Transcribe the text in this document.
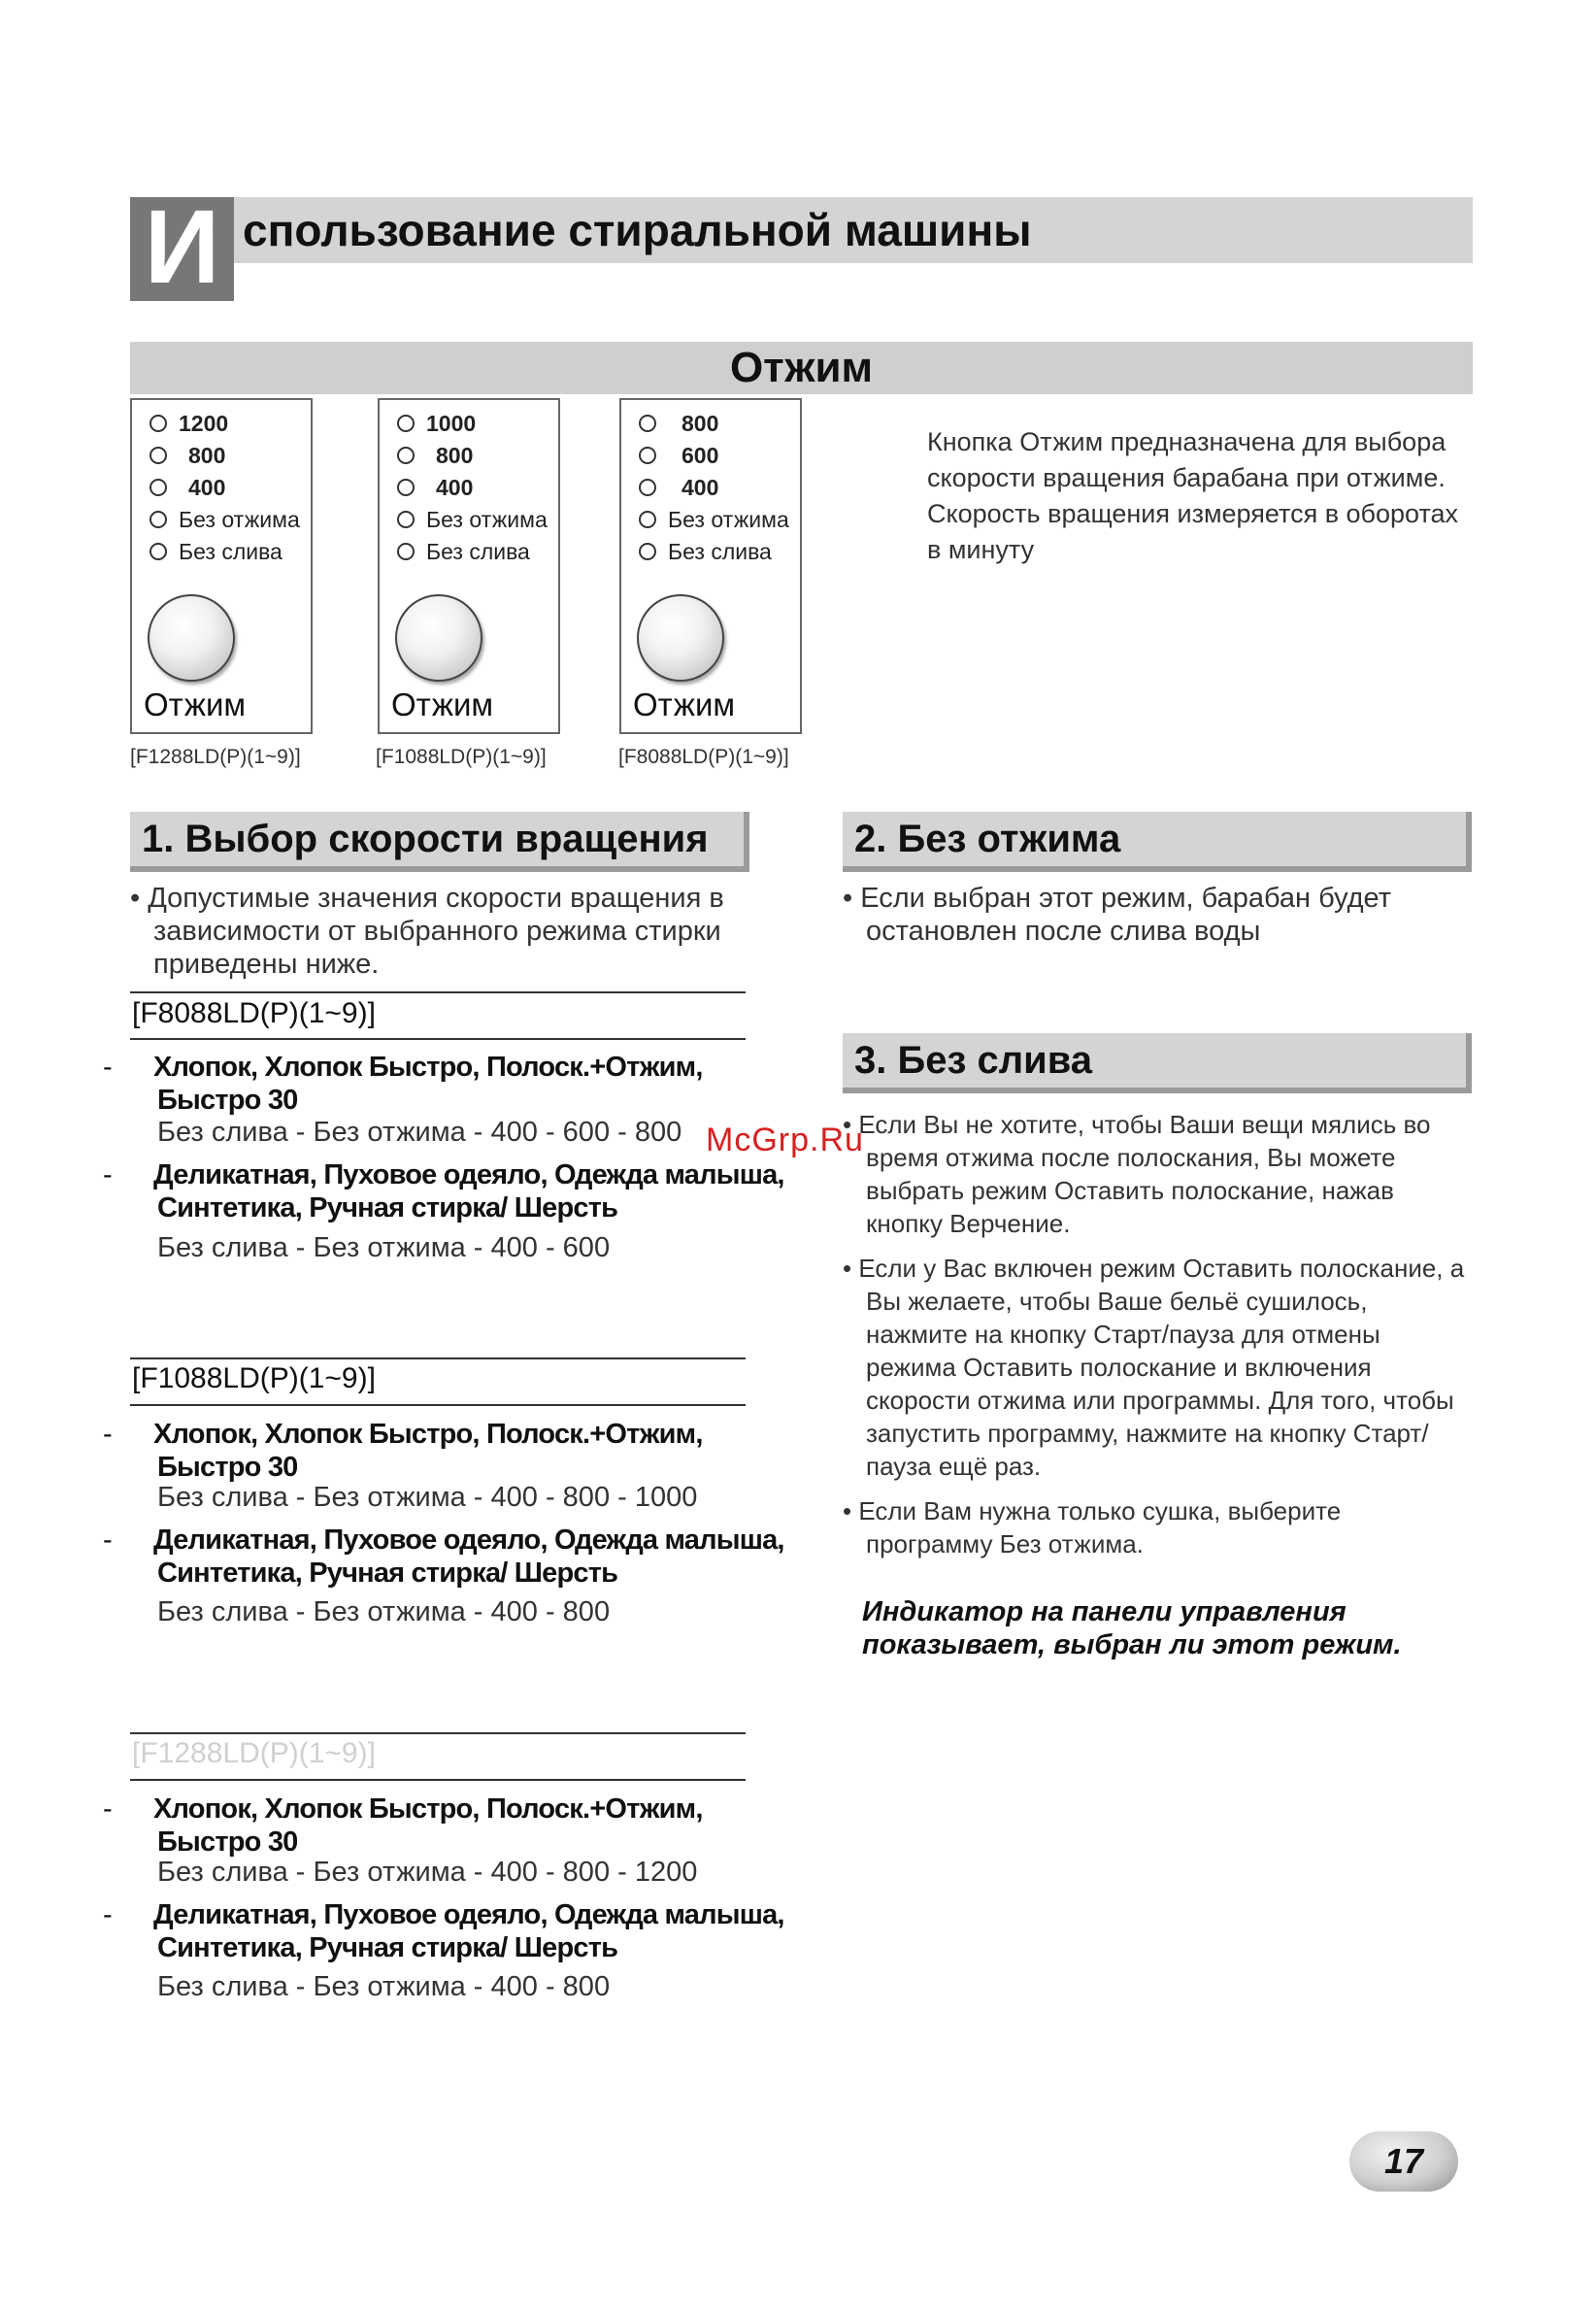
И спользование стиральной машины
Отжим
1200
800
400
Без отжима
Без слива
Отжим
[F1288LD(P)(1~9)]
1000
800
400
Без отжима
Без слива
Отжим
[F1088LD(P)(1~9)]
800
600
400
Без отжима
Без слива
Отжим
[F8088LD(P)(1~9)]
Кнопка Отжим предназначена для выбора скорости вращения барабана при отжиме. Скорость вращения измеряется в оборотах в минуту
1. Выбор скорости вращения
• Допустимые значения скорости вращения в зависимости от выбранного режима стирки приведены ниже.
[F8088LD(P)(1~9)]
- Хлопок, Хлопок Быстро, Полоск.+Отжим, Быстро 30
Без слива - Без отжима - 400 - 600 - 800
- Деликатная, Пуховое одеяло, Одежда малыша, Синтетика, Ручная стирка/ Шерсть
Без слива - Без отжима - 400 - 600
[F1088LD(P)(1~9)]
- Хлопок, Хлопок Быстро, Полоск.+Отжим, Быстро 30
Без слива - Без отжима - 400 - 800 - 1000
- Деликатная, Пуховое одеяло, Одежда малыша, Синтетика, Ручная стирка/ Шерсть
Без слива - Без отжима - 400 - 800
[F1288LD(P)(1~9)]
- Хлопок, Хлопок Быстро, Полоск.+Отжим, Быстро 30
Без слива - Без отжима - 400 - 800 - 1200
- Деликатная, Пуховое одеяло, Одежда малыша, Синтетика, Ручная стирка/ Шерсть
Без слива - Без отжима - 400 - 800
2. Без отжима
• Если выбран этот режим, барабан будет остановлен после слива воды
3. Без слива
• Если Вы не хотите, чтобы Ваши вещи мялись во время отжима после полоскания, Вы можете выбрать режим Оставить полоскание, нажав кнопку Верчение.
• Если у Вас включен режим Оставить полоскание, а Вы желаете, чтобы Ваше бельё сушилось, нажмите на кнопку Старт/пауза для отмены режима Оставить полоскание и включения скорости отжима или программы. Для того, чтобы запустить программу, нажмите на кнопку Старт/пауза ещё раз.
• Если Вам нужна только сушка, выберите программу Без отжима.
Индикатор на панели управления показывает, выбран ли этот режим.
McGrp.Ru
17
